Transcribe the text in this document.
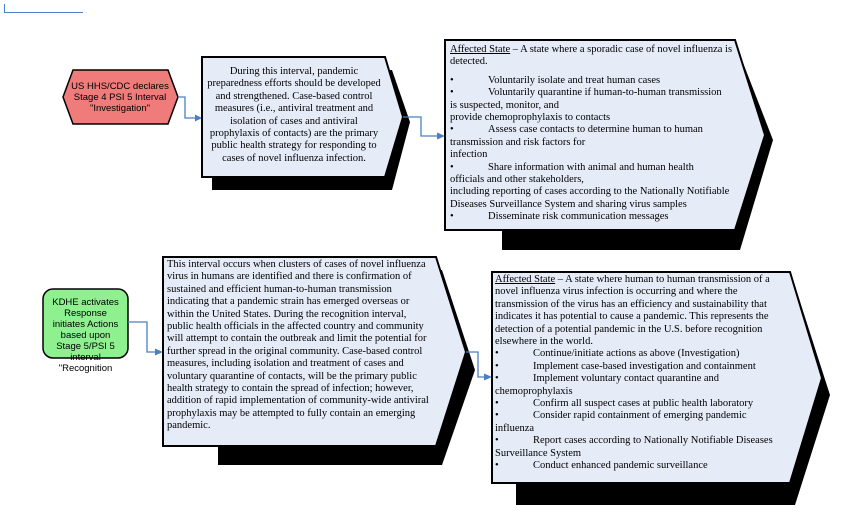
US HHS/CDC declares Stage 4 PSI 5 Interval "Investigation"
During this interval, pandemic preparedness efforts should be developed and strengthened. Case-based control measures (i.e., antiviral treatment and isolation of cases and antiviral prophylaxis of contacts) are the primary public health strategy for responding to cases of novel influenza infection.
Affected State – A state where a sporadic case of novel influenza is detected.
•	Voluntarily isolate and treat human cases
•	Voluntarily quarantine if human-to-human transmission
is suspected, monitor, and
provide chemoprophylaxis to contacts
•	Assess case contacts to determine human to human
transmission and risk factors for
infection
•	Share information with animal and human health
officials and other stakeholders,
including reporting of cases according to the Nationally Notifiable
Diseases Surveillance System and sharing virus samples
•	Disseminate risk communication messages
KDHE activates Response initiates Actions based upon Stage 5/PSI 5 interval "Recognition
This interval occurs when clusters of cases of novel influenza virus in humans are identified and there is confirmation of sustained and efficient human-to-human transmission indicating that a pandemic strain has emerged overseas or within the United States. During the recognition interval, public health officials in the affected country and community will attempt to contain the outbreak and limit the potential for further spread in the original community. Case-based control measures, including isolation and treatment of cases and voluntary quarantine of contacts, will be the primary public health strategy to contain the spread of infection; however, addition of rapid implementation of community-wide antiviral prophylaxis may be attempted to fully contain an emerging pandemic.
Affected State – A state where human to human transmission of a novel influenza virus infection is occurring and where the transmission of the virus has an efficiency and sustainability that indicates it has potential to cause a pandemic. This represents the detection of a potential pandemic in the U.S. before recognition elsewhere in the world.
•	Continue/initiate actions as above (Investigation)
•	Implement case-based investigation and containment
•	Implement voluntary contact quarantine and
chemoprophylaxis
•	Confirm all suspect cases at public health laboratory
•	Consider rapid containment of emerging pandemic
influenza
•	Report cases according to Nationally Notifiable Diseases
Surveillance System
•	Conduct enhanced pandemic surveillance
